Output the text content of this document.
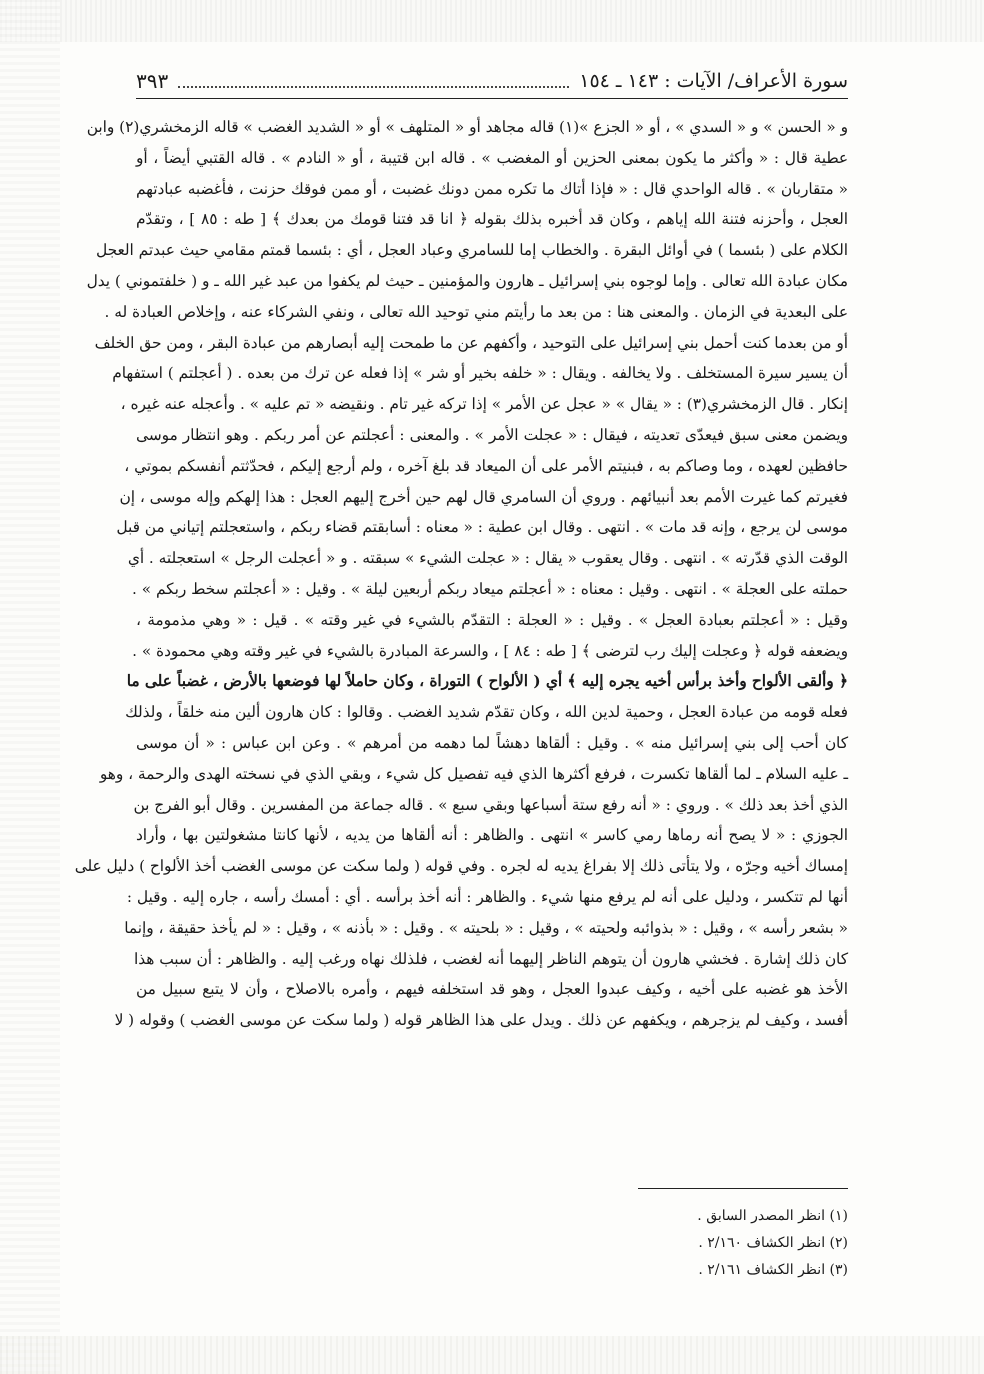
سورة الأعراف/ الآيات : ١٤٣ ـ ١٥٤
٣٩٣
و « الحسن » و « السدي » ، أو « الجزع »(١) قاله مجاهد أو « المتلهف » أو « الشديد الغضب » قاله الزمخشري(٢) وابن
عطية قال : « وأكثر ما يكون بمعنى الحزين أو المغضب » . قاله ابن قتيبة ، أو « النادم » . قاله القتبي أيضاً ، أو
« متقاربان » . قاله الواحدي قال : « فإذا أتاك ما تكره ممن دونك غضبت ، أو ممن فوقك حزنت ، فأغضبه عبادتهم
العجل ، وأحزنه فتنة الله إياهم ، وكان قد أخبره بذلك بقوله ﴿ انا قد فتنا قومك من بعدك ﴾ [ طه : ٨٥ ] ، وتقدّم
الكلام على ( بئسما ) في أوائل البقرة . والخطاب إما للسامري وعباد العجل ، أي : بئسما قمتم مقامي حيث عبدتم العجل
مكان عبادة الله تعالى . وإما لوجوه بني إسرائيل ـ هارون والمؤمنين ـ حيث لم يكفوا من عبد غير الله ـ و ( خلفتموني ) يدل
على البعدية في الزمان . والمعنى هنا : من بعد ما رأيتم مني توحيد الله تعالى ، ونفي الشركاء عنه ، وإخلاص العبادة له .
أو من بعدما كنت أحمل بني إسرائيل على التوحيد ، وأكفهم عن ما طمحت إليه أبصارهم من عبادة البقر ، ومن حق الخلف
أن يسير سيرة المستخلف . ولا يخالفه . ويقال : « خلفه بخير أو شر » إذا فعله عن ترك من بعده . ( أعجلتم ) استفهام
إنكار . قال الزمخشري(٣) : « يقال » « عجل عن الأمر » إذا تركه غير تام . ونقيضه « تم عليه » . وأعجله عنه غيره ،
ويضمن معنى سبق فيعدّى تعديته ، فيقال : « عجلت الأمر » . والمعنى : أعجلتم عن أمر ربكم . وهو انتظار موسى
حافظين لعهده ، وما وصاكم به ، فبنيتم الأمر على أن الميعاد قد بلغ آخره ، ولم أرجع إليكم ، فحدّثتم أنفسكم بموتي ،
فغيرتم كما غيرت الأمم بعد أنبيائهم . وروي أن السامري قال لهم حين أخرج إليهم العجل : هذا إلهكم وإله موسى ، إن
موسى لن يرجع ، وإنه قد مات » . انتهى . وقال ابن عطية : « معناه : أسابقتم قضاء ربكم ، واستعجلتم إتياني من قبل
الوقت الذي قدّرته » . انتهى . وقال يعقوب « يقال : « عجلت الشيء » سبقته . و « أعجلت الرجل » استعجلته . أي
حملته على العجلة » . انتهى . وقيل : معناه : « أعجلتم ميعاد ربكم أربعين ليلة » . وقيل : « أعجلتم سخط ربكم » .
وقيل : « أعجلتم بعبادة العجل » . وقيل : « العجلة : التقدّم بالشيء في غير وقته » . قيل : « وهي مذمومة ،
ويضعفه قوله ﴿ وعجلت إليك رب لترضى ﴾ [ طه : ٨٤ ] ، والسرعة المبادرة بالشيء في غير وقته وهي محمودة » .
﴿ وألقى الألواح وأخذ برأس أخيه يجره إليه ﴾ أي ( الألواح ) التوراة ، وكان حاملاً لها فوضعها بالأرض ، غضباً على ما
فعله قومه من عبادة العجل ، وحمية لدين الله ، وكان تقدّم شديد الغضب . وقالوا : كان هارون ألين منه خلقاً ، ولذلك
كان أحب إلى بني إسرائيل منه » . وقيل : ألقاها دهشاً لما دهمه من أمرهم » . وعن ابن عباس : « أن موسى
ـ عليه السلام ـ لما ألقاها تكسرت ، فرفع أكثرها الذي فيه تفصيل كل شيء ، وبقي الذي في نسخته الهدى والرحمة ، وهو
الذي أخذ بعد ذلك » . وروي : « أنه رفع ستة أسباعها وبقي سبع » . قاله جماعة من المفسرين . وقال أبو الفرج بن
الجوزي : « لا يصح أنه رماها رمي كاسر » انتهى . والظاهر : أنه ألقاها من يديه ، لأنها كانتا مشغولتين بها ، وأراد
إمساك أخيه وجرّه ، ولا يتأتى ذلك إلا بفراغ يديه له لجره . وفي قوله ( ولما سكت عن موسى الغضب أخذ الألواح ) دليل على
أنها لم تتكسر ، ودليل على أنه لم يرفع منها شيء . والظاهر : أنه أخذ برأسه . أي : أمسك رأسه ، جاره إليه . وقيل :
« بشعر رأسه » ، وقيل : « بذوائبه ولحيته » ، وقيل : « بلحيته » . وقيل : « بأذنه » ، وقيل : « لم يأخذ حقيقة ، وإنما
كان ذلك إشارة . فخشي هارون أن يتوهم الناظر إليهما أنه لغضب ، فلذلك نهاه ورغب إليه . والظاهر : أن سبب هذا
الأخذ هو غضبه على أخيه ، وكيف عبدوا العجل ، وهو قد استخلفه فيهم ، وأمره بالاصلاح ، وأن لا يتبع سبيل من
أفسد ، وكيف لم يزجرهم ، ويكفهم عن ذلك . ويدل على هذا الظاهر قوله ( ولما سكت عن موسى الغضب ) وقوله ( لا
(١) انظر المصدر السابق .
(٢) انظر الكشاف ٢/١٦٠ .
(٣) انظر الكشاف ٢/١٦١ .
